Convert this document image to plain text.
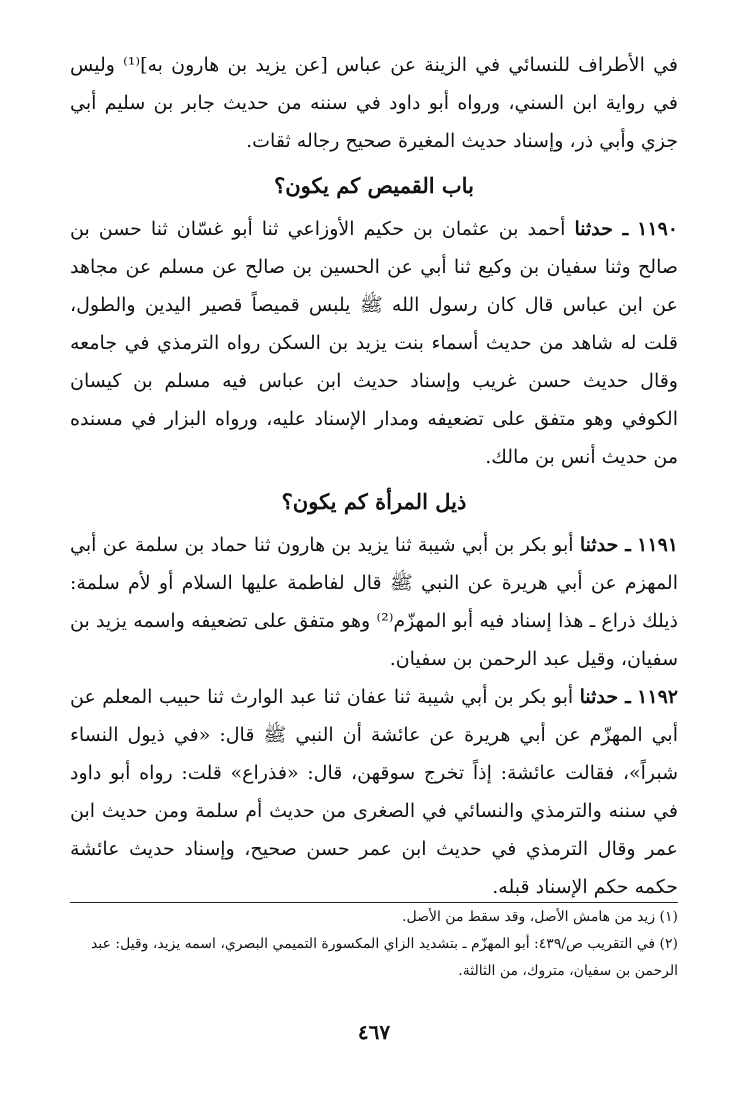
في الأطراف للنسائي في الزينة عن عباس [عن يزيد بن هارون به]⁽¹⁾ وليس في رواية ابن السني، ورواه أبو داود في سننه من حديث جابر بن سليم أبي جزي وأبي ذر، وإسناد حديث المغيرة صحيح رجاله ثقات.

باب القميص كم يكون؟

١١٩٠ ـ حدثنا أحمد بن عثمان بن حكيم الأوزاعي ثنا أبو غسّان ثنا حسن بن صالح وثنا سفيان بن وكيع ثنا أبي عن الحسين بن صالح عن مسلم عن مجاهد عن ابن عباس قال كان رسول الله ﷺ يلبس قميصاً قصير اليدين والطول، قلت له شاهد من حديث أسماء بنت يزيد بن السكن رواه الترمذي في جامعه وقال حديث حسن غريب وإسناد حديث ابن عباس فيه مسلم بن كيسان الكوفي وهو متفق على تضعيفه ومدار الإسناد عليه، ورواه البزار في مسنده من حديث أنس بن مالك.

ذيل المرأة كم يكون؟

١١٩١ ـ حدثنا أبو بكر بن أبي شيبة ثنا يزيد بن هارون ثنا حماد بن سلمة عن أبي المهزم عن أبي هريرة عن النبي ﷺ قال لفاطمة عليها السلام أو لأم سلمة: ذيلك ذراع ـ هذا إسناد فيه أبو المهزّم⁽²⁾ وهو متفق على تضعيفه واسمه يزيد بن سفيان، وقيل عبد الرحمن بن سفيان.

١١٩٢ ـ حدثنا أبو بكر بن أبي شيبة ثنا عفان ثنا عبد الوارث ثنا حبيب المعلم عن أبي المهزّم عن أبي هريرة عن عائشة أن النبي ﷺ قال: «في ذيول النساء شبراً»، فقالت عائشة: إذاً تخرج سوقهن، قال: «فذراع» قلت: رواه أبو داود في سننه والترمذي والنسائي في الصغرى من حديث أم سلمة ومن حديث ابن عمر وقال الترمذي في حديث ابن عمر حسن صحيح، وإسناد حديث عائشة حكمه حكم الإسناد قبله.

(١) زيد من هامش الأصل، وقد سقط من الأصل.

(٢) في التقريب ص/٤٣٩: أبو المهزّم ـ بتشديد الزاي المكسورة التميمي البصري، اسمه يزيد، وقيل: عبد الرحمن بن سفيان، متروك، من الثالثة.

٤٦٧
